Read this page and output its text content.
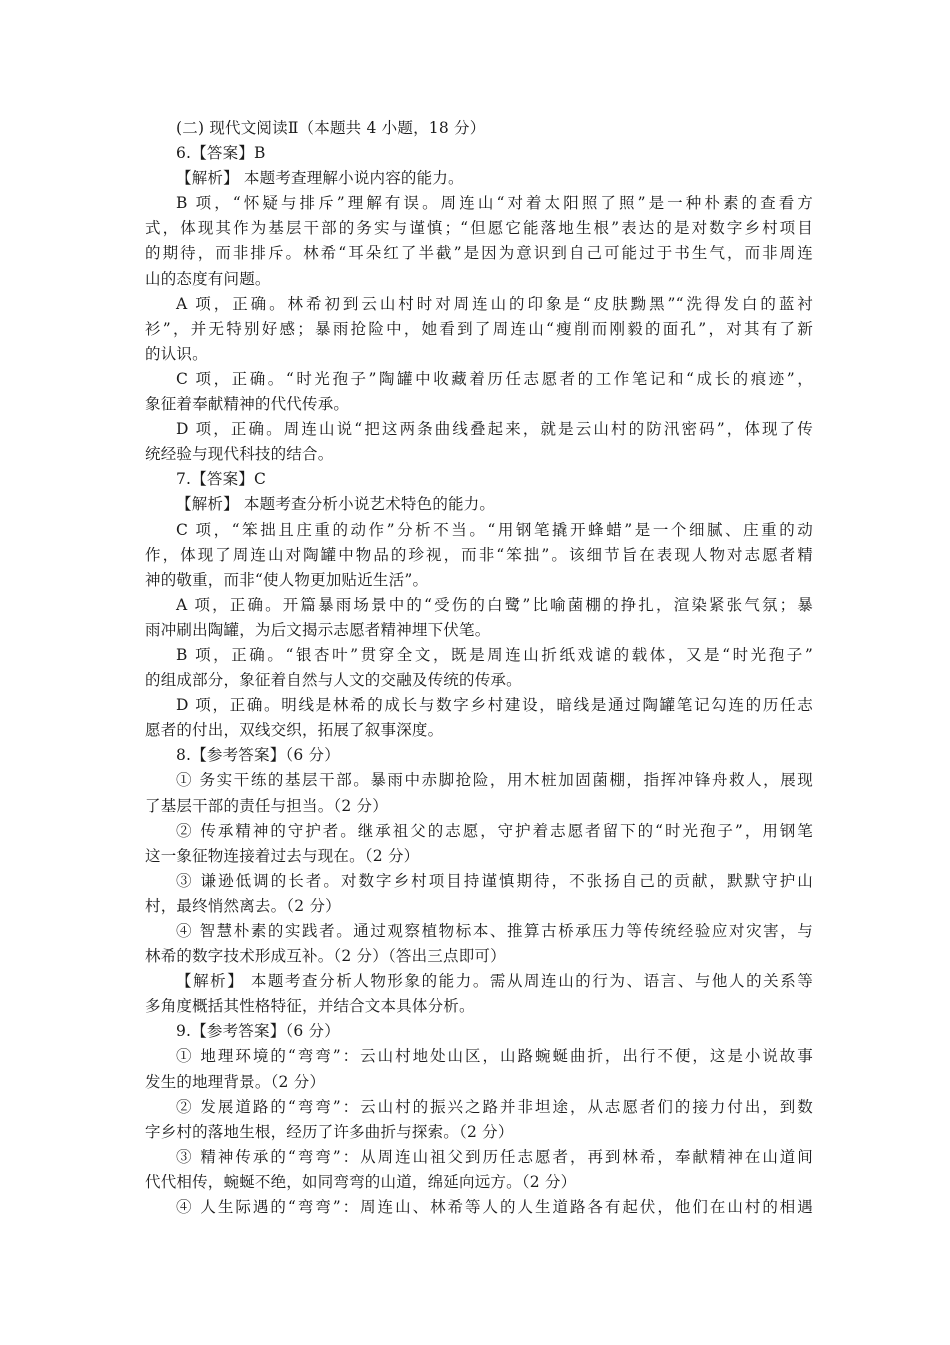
(二) 现代文阅读Ⅱ（本题共 4 小题，18 分）
6.【答案】B
【解析】 本题考查理解小说内容的能力。
B 项，“怀疑与排斥”理解有误。周连山“对着太阳照了照”是一种朴素的查看方
式，体现其作为基层干部的务实与谨慎；“但愿它能落地生根”表达的是对数字乡村项目
的期待，而非排斥。林希“耳朵红了半截”是因为意识到自己可能过于书生气，而非周连
山的态度有问题。
A 项，正确。林希初到云山村时对周连山的印象是“皮肤黝黑”“洗得发白的蓝衬
衫”，并无特别好感；暴雨抢险中，她看到了周连山“瘦削而刚毅的面孔”，对其有了新
的认识。
C 项，正确。“时光孢子”陶罐中收藏着历任志愿者的工作笔记和“成长的痕迹”，
象征着奉献精神的代代传承。
D 项，正确。周连山说“把这两条曲线叠起来，就是云山村的防汛密码”，体现了传
统经验与现代科技的结合。
7.【答案】C
【解析】 本题考查分析小说艺术特色的能力。
C 项，“笨拙且庄重的动作”分析不当。“用钢笔撬开蜂蜡”是一个细腻、庄重的动
作，体现了周连山对陶罐中物品的珍视，而非“笨拙”。该细节旨在表现人物对志愿者精
神的敬重，而非“使人物更加贴近生活”。
A 项，正确。开篇暴雨场景中的“受伤的白鹭”比喻菌棚的挣扎，渲染紧张气氛；暴
雨冲刷出陶罐，为后文揭示志愿者精神埋下伏笔。
B 项，正确。“银杏叶”贯穿全文，既是周连山折纸戏谑的载体，又是“时光孢子”
的组成部分，象征着自然与人文的交融及传统的传承。
D 项，正确。明线是林希的成长与数字乡村建设，暗线是通过陶罐笔记勾连的历任志
愿者的付出，双线交织，拓展了叙事深度。
8.【参考答案】（6 分）
① 务实干练的基层干部。暴雨中赤脚抢险，用木桩加固菌棚，指挥冲锋舟救人，展现
了基层干部的责任与担当。（2 分）
② 传承精神的守护者。继承祖父的志愿，守护着志愿者留下的“时光孢子”，用钢笔
这一象征物连接着过去与现在。（2 分）
③ 谦逊低调的长者。对数字乡村项目持谨慎期待，不张扬自己的贡献，默默守护山
村，最终悄然离去。（2 分）
④ 智慧朴素的实践者。通过观察植物标本、推算古桥承压力等传统经验应对灾害，与
林希的数字技术形成互补。（2 分）（答出三点即可）
【解析】 本题考查分析人物形象的能力。需从周连山的行为、语言、与他人的关系等
多角度概括其性格特征，并结合文本具体分析。
9.【参考答案】（6 分）
① 地理环境的“弯弯”：云山村地处山区，山路蜿蜒曲折，出行不便，这是小说故事
发生的地理背景。（2 分）
② 发展道路的“弯弯”：云山村的振兴之路并非坦途，从志愿者们的接力付出，到数
字乡村的落地生根，经历了许多曲折与探索。（2 分）
③ 精神传承的“弯弯”：从周连山祖父到历任志愿者，再到林希，奉献精神在山道间
代代相传，蜿蜒不绝，如同弯弯的山道，绵延向远方。（2 分）
④ 人生际遇的“弯弯”：周连山、林希等人的人生道路各有起伏，他们在山村的相遇
